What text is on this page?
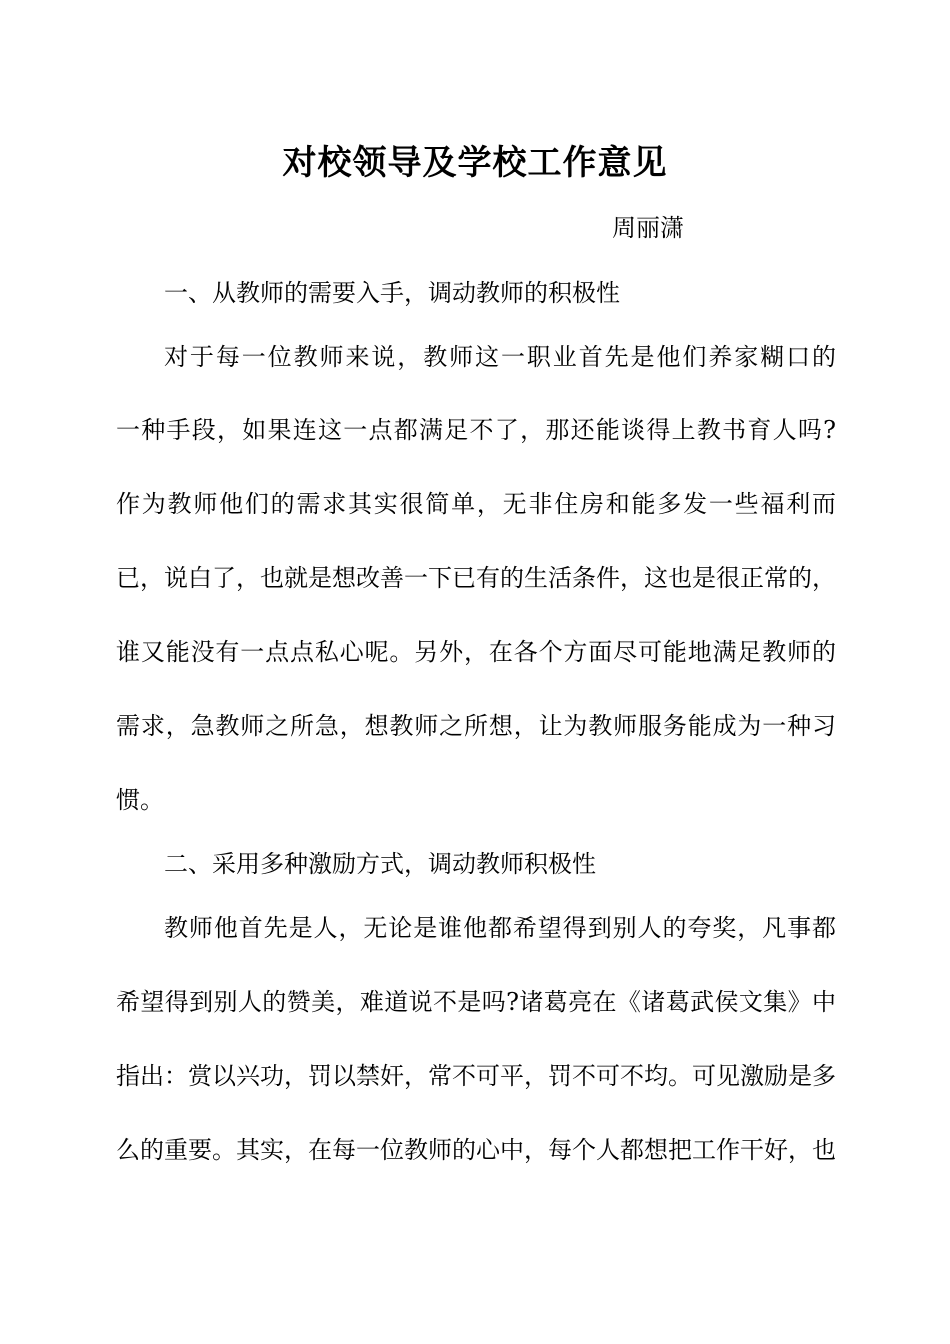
对校领导及学校工作意见
周丽潇
一、从教师的需要入手，调动教师的积极性
对于每一位教师来说，教师这一职业首先是他们养家糊口的
一种手段，如果连这一点都满足不了，那还能谈得上教书育人吗?
作为教师他们的需求其实很简单，无非住房和能多发一些福利而
已，说白了，也就是想改善一下已有的生活条件，这也是很正常的，
谁又能没有一点点私心呢。另外，在各个方面尽可能地满足教师的
需求，急教师之所急，想教师之所想，让为教师服务能成为一种习
惯。
二、采用多种激励方式，调动教师积极性
教师他首先是人，无论是谁他都希望得到别人的夸奖，凡事都
希望得到别人的赞美，难道说不是吗?诸葛亮在《诸葛武侯文集》中
指出：赏以兴功，罚以禁奸，常不可平，罚不可不均。可见激励是多
么的重要。其实，在每一位教师的心中，每个人都想把工作干好，也
